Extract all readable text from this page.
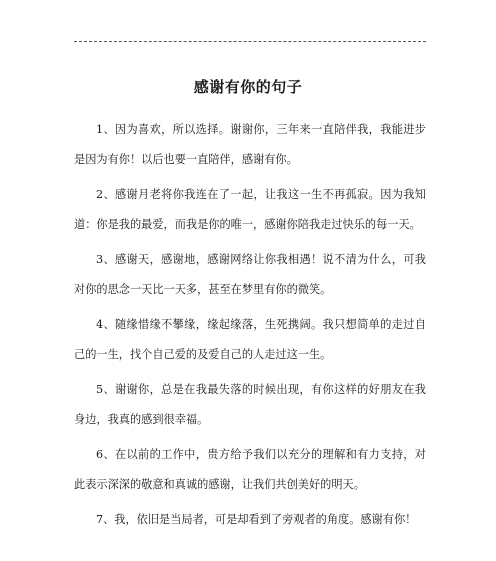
感谢有你的句子

1、因为喜欢，所以选择。谢谢你，三年来一直陪伴我，我能进步是因为有你！以后也要一直陪伴，感谢有你。

2、感谢月老将你我连在了一起，让我这一生不再孤寂。因为我知道：你是我的最爱，而我是你的唯一，感谢你陪我走过快乐的每一天。

3、感谢天，感谢地，感谢网络让你我相遇！说不清为什么，可我对你的思念一天比一天多，甚至在梦里有你的微笑。

4、随缘惜缘不攀缘，缘起缘落，生死携阔。我只想简单的走过自己的一生，找个自己爱的及爱自己的人走过这一生。

5、谢谢你，总是在我最失落的时候出现，有你这样的好朋友在我身边，我真的感到很幸福。

6、在以前的工作中，贵方给予我们以充分的理解和有力支持，对此表示深深的敬意和真诚的感谢，让我们共创美好的明天。

7、我，依旧是当局者，可是却看到了旁观者的角度。感谢有你！
